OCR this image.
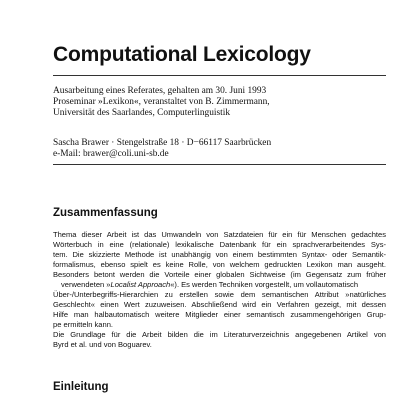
Computational Lexicology
Ausarbeitung eines Referates, gehalten am 30. Juni 1993
Proseminar »Lexikon«, veranstaltet von B. Zimmermann,
Universität des Saarlandes, Computerlinguistik
Sascha Brawer · Stengelstraße 18 · D−66117 Saarbrücken
e-Mail: brawer@coli.uni-sb.de
Zusammenfassung
Thema dieser Arbeit ist das Umwandeln von Satzdateien für ein für Menschen gedachtes
Wörterbuch in eine (relationale) lexikalische Datenbank für ein sprachverarbeitendes Sys-
tem. Die skizzierte Methode ist unabhängig von einem bestimmten Syntax- oder Semantik-
formalismus, ebenso spielt es keine Rolle, von welchem gedruckten Lexikon man ausgeht.
Besonders betont werden die Vorteile einer globalen Sichtweise (im Gegensatz zum früher
verwendeten »Localist Approach«). Es werden Techniken vorgestellt, um vollautomatisch
Über-/Unterbegriffs-Hierarchien zu erstellen sowie dem semantischen Attribut »natürliches
Geschlecht« einen Wert zuzuweisen. Abschließend wird ein Verfahren gezeigt, mit dessen
Hilfe man halbautomatisch weitere Mitglieder einer semantisch zusammengehörigen Grup-
pe ermitteln kann.
Die Grundlage für die Arbeit bilden die im Literaturverzeichnis angegebenen Artikel von
Byrd et al. und von Boguarev.
Einleitung
